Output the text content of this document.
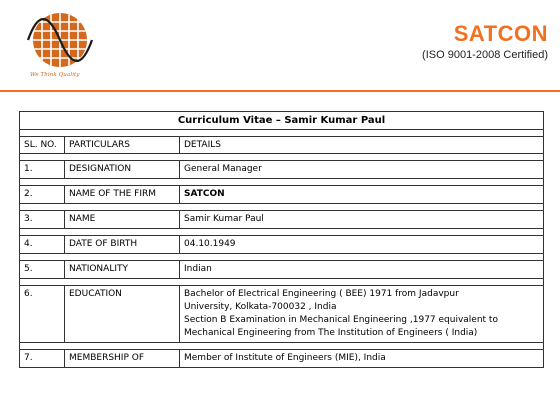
We Think Quality
SATCON
(ISO 9001-2008 Certified)
Curriculum Vitae – Samir Kumar Paul		

SL. NO.	PARTICULARS	DETAILS

1.	DESIGNATION	General Manager

2.	NAME OF THE FIRM	SATCON

3.	NAME	Samir Kumar Paul

4.	DATE OF BIRTH	04.10.1949

5.	NATIONALITY	Indian

6.	EDUCATION	Bachelor of Electrical Engineering ( BEE) 1971 from Jadavpur
University, Kolkata-700032 , India
Section B Examination in Mechanical Engineering ,1977 equivalent to
Mechanical Engineering from The Institution of Engineers ( India)

7.	MEMBERSHIP OF	Member of Institute of Engineers (MIE), India
